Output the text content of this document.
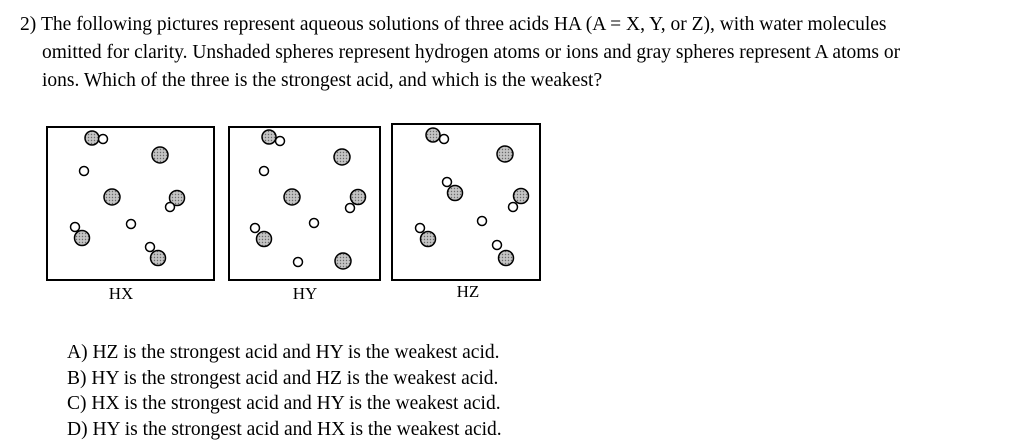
2) The following pictures represent aqueous solutions of three acids HA (A = X, Y, or Z), with water molecules
omitted for clarity. Unshaded spheres represent hydrogen atoms or ions and gray spheres represent A atoms or
ions. Which of the three is the strongest acid, and which is the weakest?
HX	HY	HZ
A) HZ is the strongest acid and HY is the weakest acid.
B) HY is the strongest acid and HZ is the weakest acid.
C) HX is the strongest acid and HY is the weakest acid.
D) HY is the strongest acid and HX is the weakest acid.
